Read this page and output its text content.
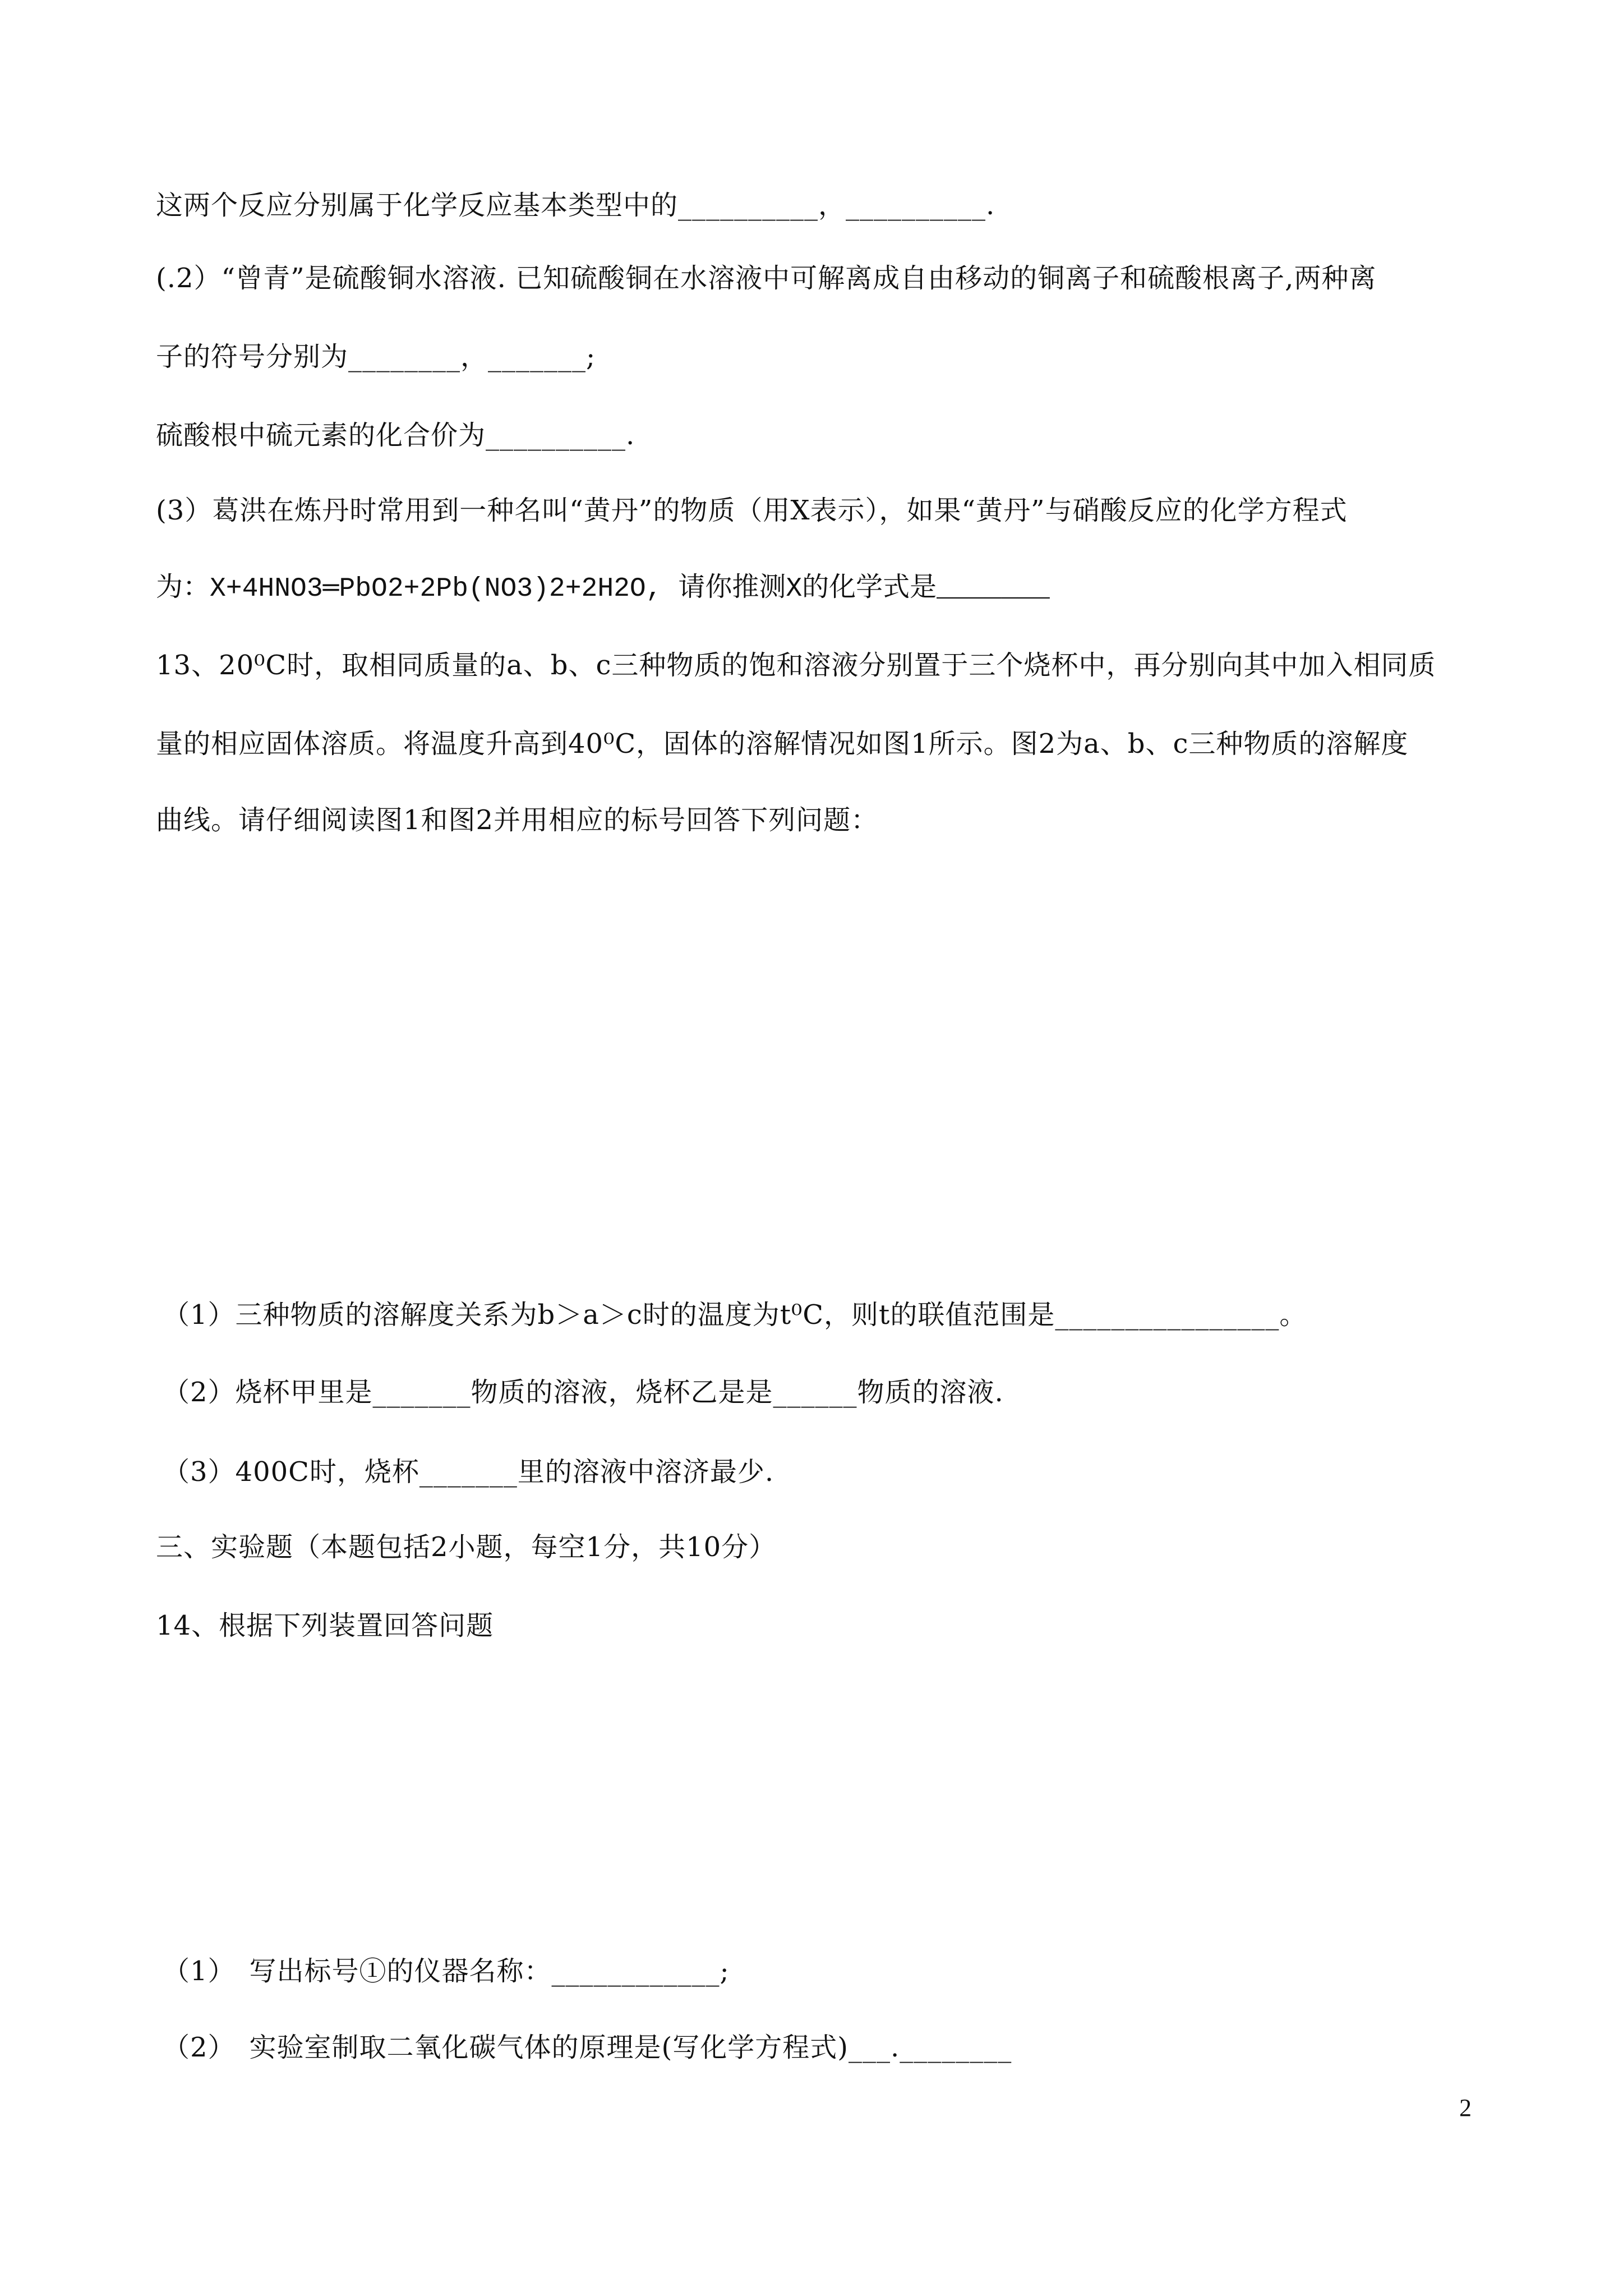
这两个反应分别属于化学反应基本类型中的__________，__________.
(.2）“曾青”是硫酸铜水溶液. 已知硫酸铜在水溶液中可解离成自由移动的铜离子和硫酸根离子,两种离
子的符号分别为________，_______;
硫酸根中硫元素的化合价为__________.
(3）葛洪在炼丹时常用到一种名叫“黄丹”的物质（用X表示），如果“黄丹”与硝酸反应的化学方程式
为：X+4HNO3═PbO2+2Pb(NO3)2+2H2O, 请你推测X的化学式是_______
13、20⁰C时，取相同质量的a、b、c三种物质的饱和溶液分别置于三个烧杯中，再分别向其中加入相同质
量的相应固体溶质。将温度升高到40⁰C，固体的溶解情况如图1所示。图2为a、b、c三种物质的溶解度
曲线。请仔细阅读图1和图2并用相应的标号回答下列问题：
（1）三种物质的溶解度关系为b＞a＞c时的温度为t⁰C，则t的联值范围是________________。
（2）烧杯甲里是_______物质的溶液，烧杯乙是是______物质的溶液.
（3）400C时，烧杯_______里的溶液中溶济最少.
三、实验题（本题包括2小题，每空1分，共10分）
14、根据下列装置回答问题
（1）　写出标号①的仪器名称：____________;
（2）　实验室制取二氧化碳气体的原理是(写化学方程式)___.________
2
